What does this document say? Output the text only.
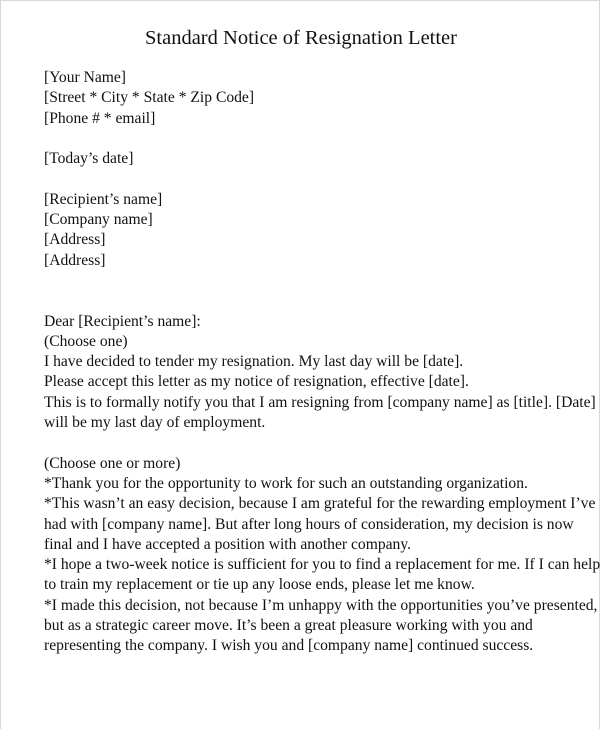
Standard Notice of Resignation Letter
[Your Name]
[Street * City * State * Zip Code]
[Phone # * email]
[Today’s date]
[Recipient’s name]
[Company name]
[Address]
[Address]
Dear [Recipient’s name]:
(Choose one)
I have decided to tender my resignation. My last day will be [date].
Please accept this letter as my notice of resignation, effective [date].
This is to formally notify you that I am resigning from [company name] as [title]. [Date]
will be my last day of employment.
(Choose one or more)
*Thank you for the opportunity to work for such an outstanding organization.
*This wasn’t an easy decision, because I am grateful for the rewarding employment I’ve
had with [company name]. But after long hours of consideration, my decision is now
final and I have accepted a position with another company.
*I hope a two-week notice is sufficient for you to find a replacement for me. If I can help
to train my replacement or tie up any loose ends, please let me know.
*I made this decision, not because I’m unhappy with the opportunities you’ve presented,
but as a strategic career move. It’s been a great pleasure working with you and
representing the company. I wish you and [company name] continued success.
